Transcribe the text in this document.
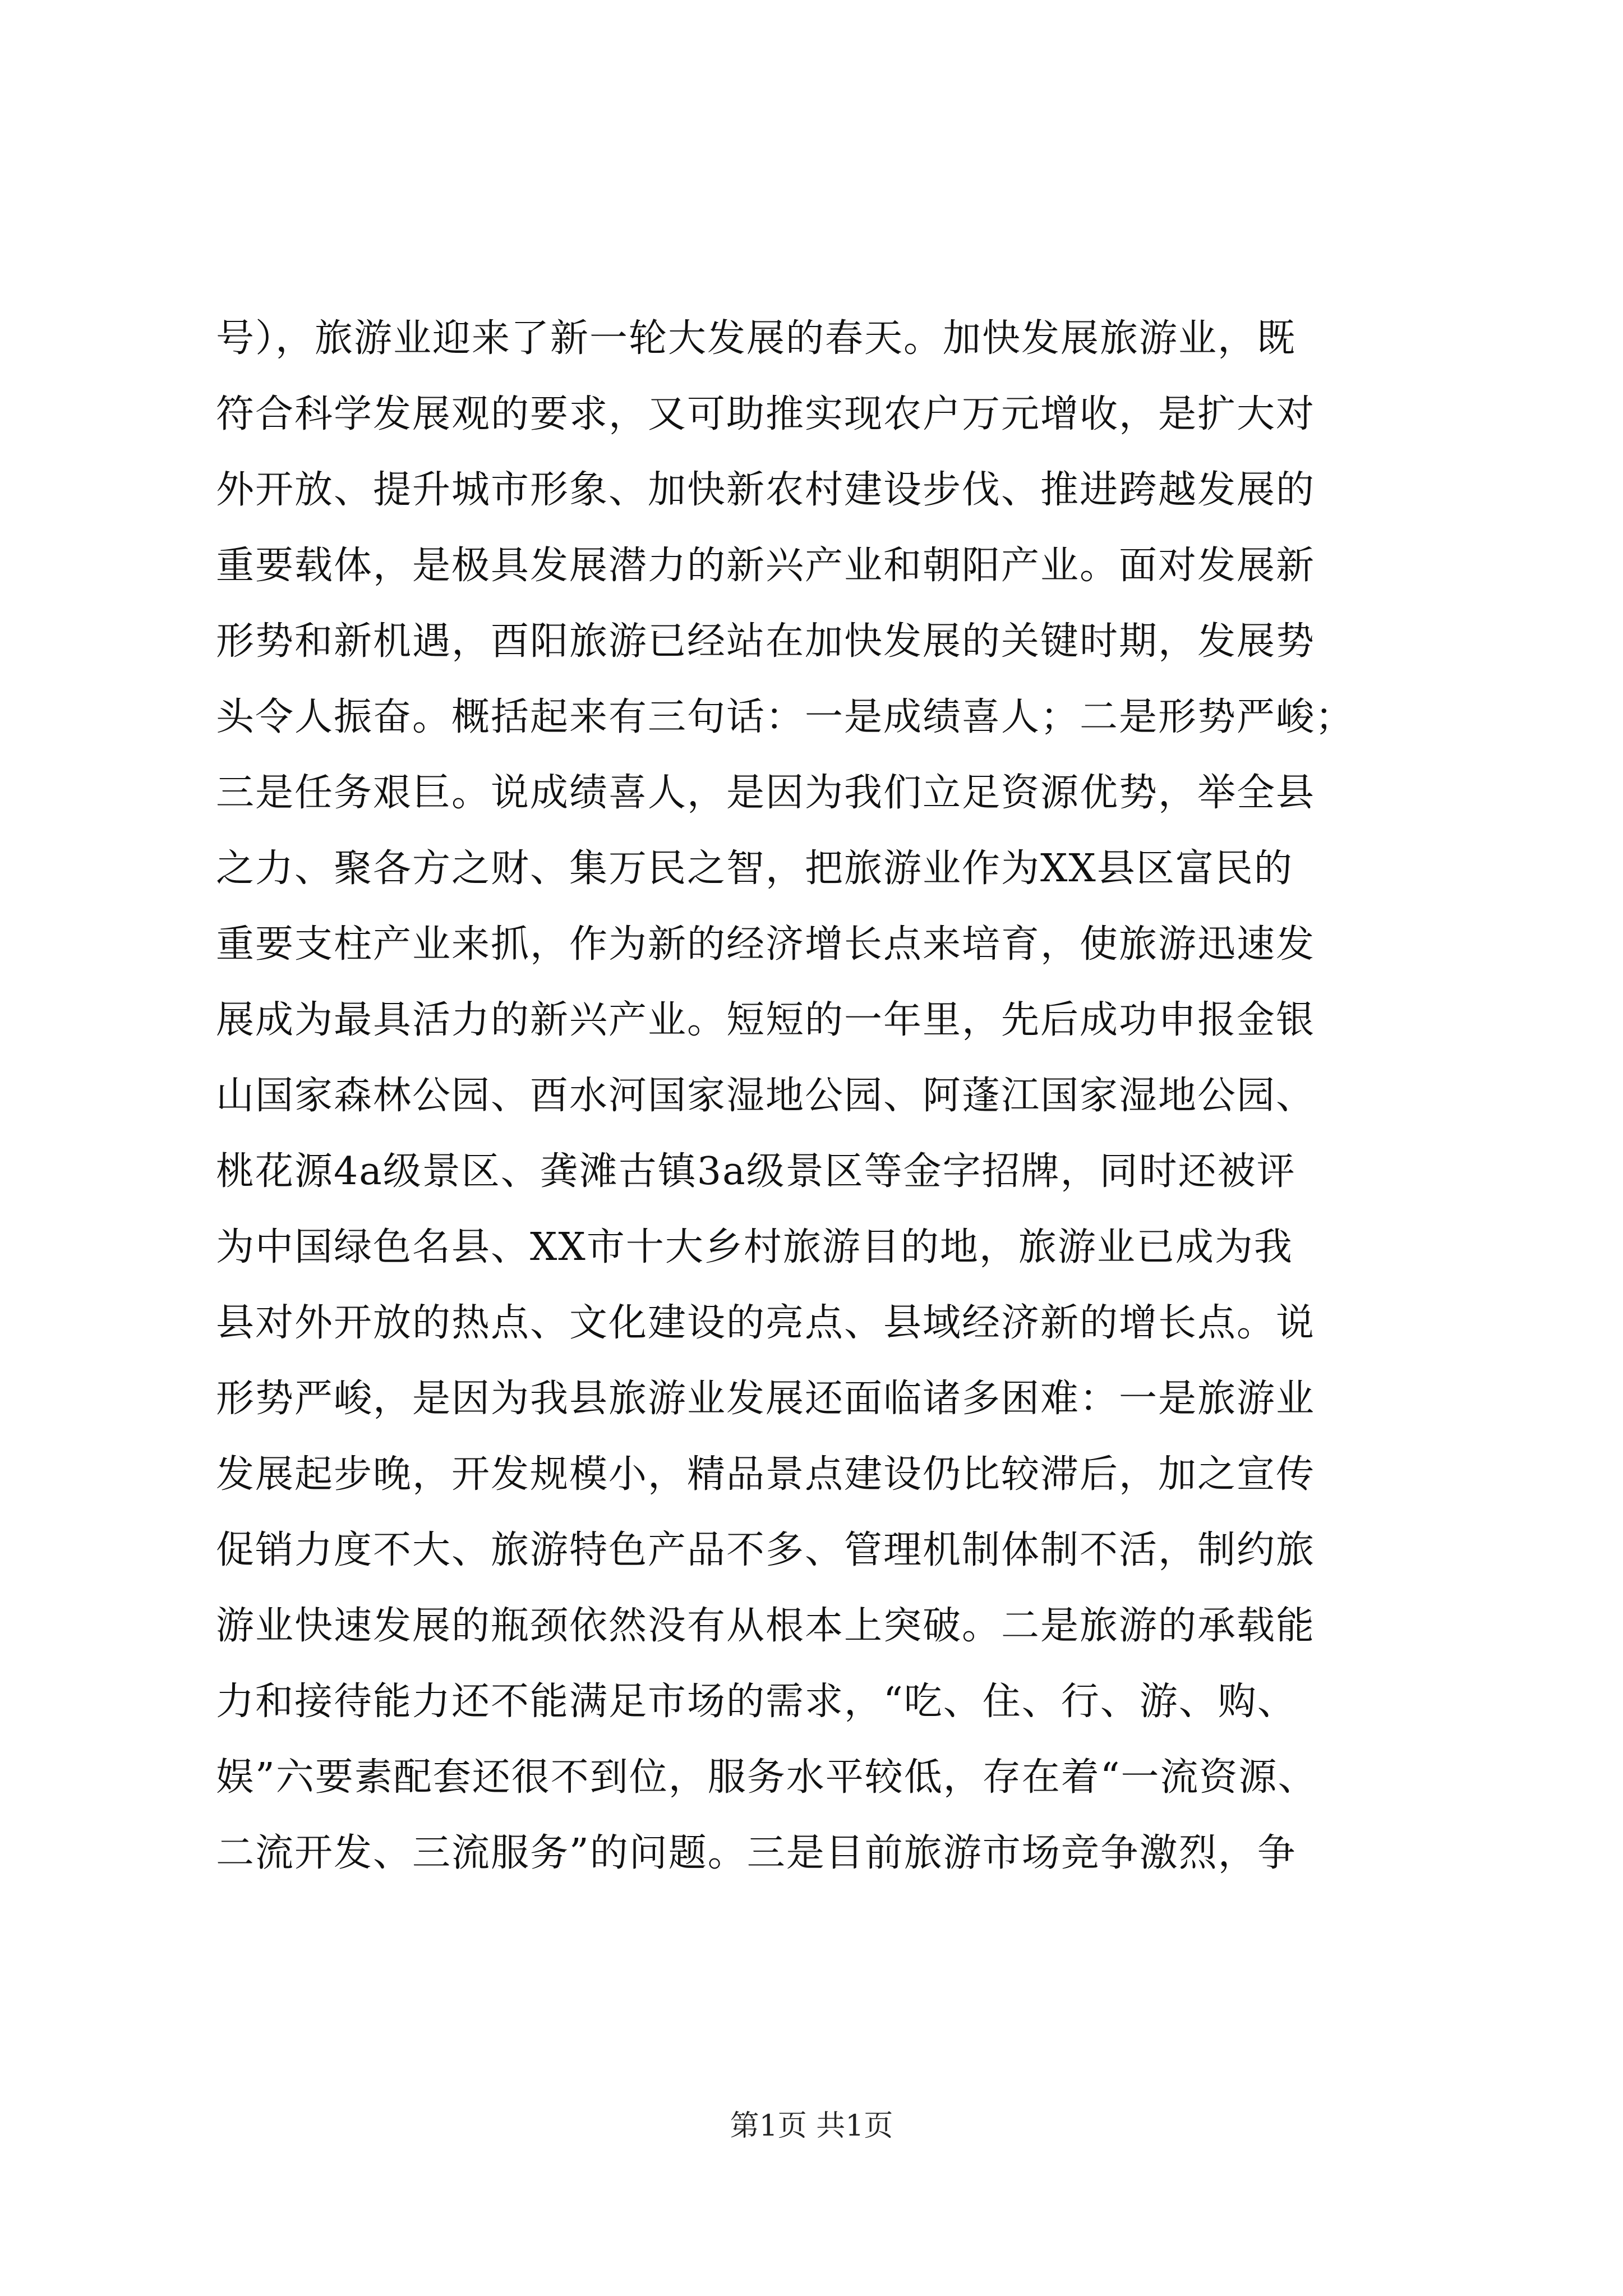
号），旅游业迎来了新一轮大发展的春天。加快发展旅游业，既
符合科学发展观的要求，又可助推实现农户万元增收，是扩大对
外开放、提升城市形象、加快新农村建设步伐、推进跨越发展的
重要载体，是极具发展潜力的新兴产业和朝阳产业。面对发展新
形势和新机遇，酉阳旅游已经站在加快发展的关键时期，发展势
头令人振奋。概括起来有三句话：一是成绩喜人；二是形势严峻；
三是任务艰巨。说成绩喜人，是因为我们立足资源优势，举全县
之力、聚各方之财、集万民之智，把旅游业作为XX县区富民的
重要支柱产业来抓，作为新的经济增长点来培育，使旅游迅速发
展成为最具活力的新兴产业。短短的一年里，先后成功申报金银
山国家森林公园、酉水河国家湿地公园、阿蓬江国家湿地公园、
桃花源4a级景区、龚滩古镇3a级景区等金字招牌，同时还被评
为中国绿色名县、XX市十大乡村旅游目的地，旅游业已成为我
县对外开放的热点、文化建设的亮点、县域经济新的增长点。说
形势严峻，是因为我县旅游业发展还面临诸多困难：一是旅游业
发展起步晚，开发规模小，精品景点建设仍比较滞后，加之宣传
促销力度不大、旅游特色产品不多、管理机制体制不活，制约旅
游业快速发展的瓶颈依然没有从根本上突破。二是旅游的承载能
力和接待能力还不能满足市场的需求，“吃、住、行、游、购、
娱”六要素配套还很不到位，服务水平较低，存在着“一流资源、
二流开发、三流服务”的问题。三是目前旅游市场竞争激烈，争
第1页 共1页
